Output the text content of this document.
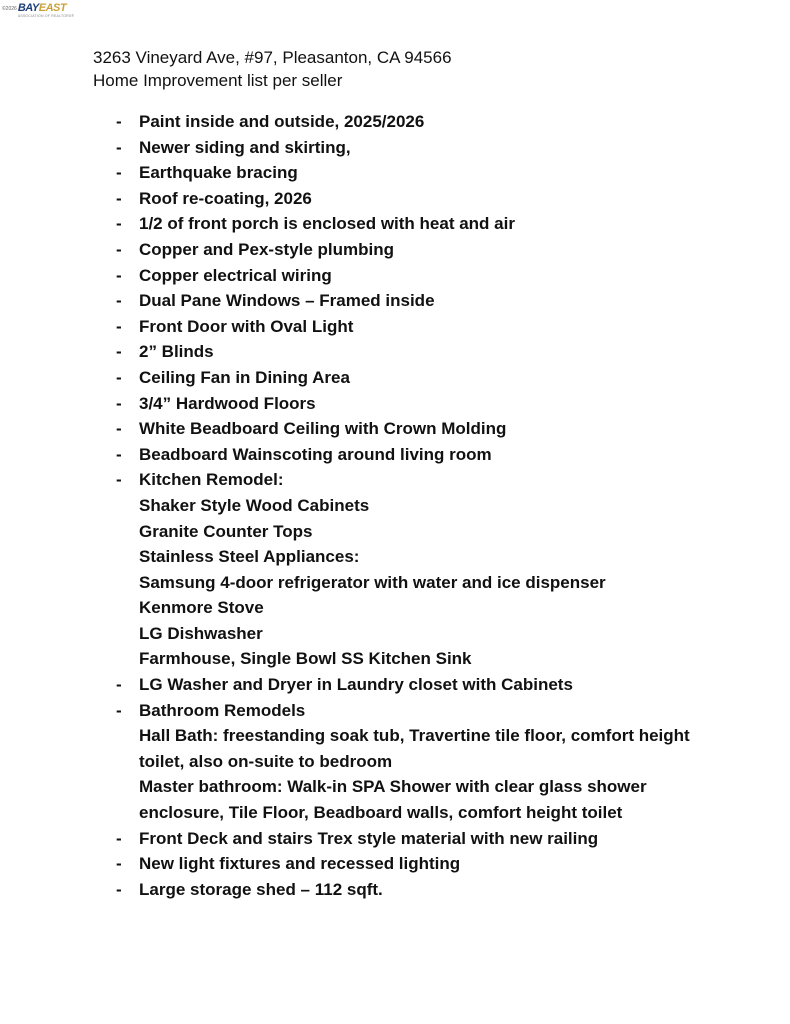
©2026 BAYEAST
ASSOCIATION OF REALTORS®
3263 Vineyard Ave, #97, Pleasanton, CA 94566
Home Improvement list per seller
-	Paint inside and outside, 2025/2026
-	Newer siding and skirting,
-	Earthquake bracing
-	Roof re-coating, 2026
-	1/2 of front porch is enclosed with heat and air
-	Copper and Pex-style plumbing
-	Copper electrical wiring
-	Dual Pane Windows – Framed inside
-	Front Door with Oval Light
-	2” Blinds
-	Ceiling Fan in Dining Area
-	3/4” Hardwood Floors
-	White Beadboard Ceiling with Crown Molding
-	Beadboard Wainscoting around living room
-	Kitchen Remodel:
Shaker Style Wood Cabinets
Granite Counter Tops
Stainless Steel Appliances:
Samsung 4-door refrigerator with water and ice dispenser
Kenmore Stove
LG Dishwasher
Farmhouse, Single Bowl SS Kitchen Sink
-	LG Washer and Dryer in Laundry closet with Cabinets
-	Bathroom Remodels
Hall Bath: freestanding soak tub, Travertine tile floor, comfort height
toilet, also on-suite to bedroom
Master bathroom: Walk-in SPA Shower with clear glass shower
enclosure, Tile Floor, Beadboard walls, comfort height toilet
-	Front Deck and stairs Trex style material with new railing
-	New light fixtures and recessed lighting
-	Large storage shed – 112 sqft.
